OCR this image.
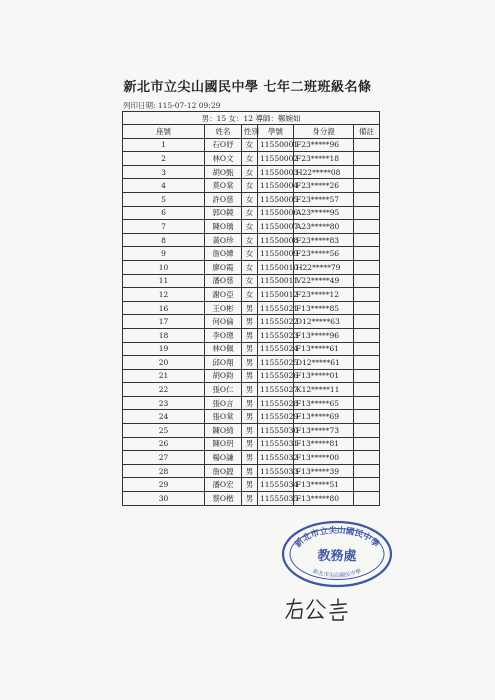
新北市立尖山國民中學 七年二班班級名條
列印日期: 115-07-12 09:29
男：15 女：12 導師：鄭婉如					
座號	姓名	性別	學號	身分證	備註
1	石O妤	女	11550001	F23*****96	
2	林O文	女	11550002	F23*****18	
3	胡O甄	女	11550003	H22*****08	
4	莫O棠	女	11550004	F23*****26	
5	許O慈	女	11550005	F23*****57	
6	郭O鏡	女	11550006	A23*****95	
7	陳O瑀	女	11550007	A23*****80	
8	黃O珍	女	11550008	F23*****83	
9	詹O嬅	女	11550009	F23*****56	
10	廖O霞	女	11550010	H22*****79	
11	潘O慈	女	11550011	V22*****49	
12	謝O亞	女	11550012	F23*****12	
16	王O彬	男	11555021	F13*****85	
17	何O倫	男	11555022	D12*****63	
18	李O璁	男	11555023	F13*****96	
19	林O佩	男	11555024	F13*****61	
20	邱O翔	男	11555025	D12*****61	
21	胡O鈞	男	11555026	F13*****01	
22	張O仁	男	11555027	K12*****11	
23	張O言	男	11555028	F13*****65	
24	張O棠	男	11555029	F13*****69	
25	陳O綺	男	11555030	F13*****73	
26	陳O玥	男	11555031	F13*****81	
27	楊O謙	男	11555032	F13*****00	
28	詹O鍠	男	11555033	F13*****39	
29	潘O宏	男	11555034	F13*****51	
30	蔡O楷	男	11555035	F13*****80	
新北市立尖山國民中學
教務處
新北市尖山國民中學
